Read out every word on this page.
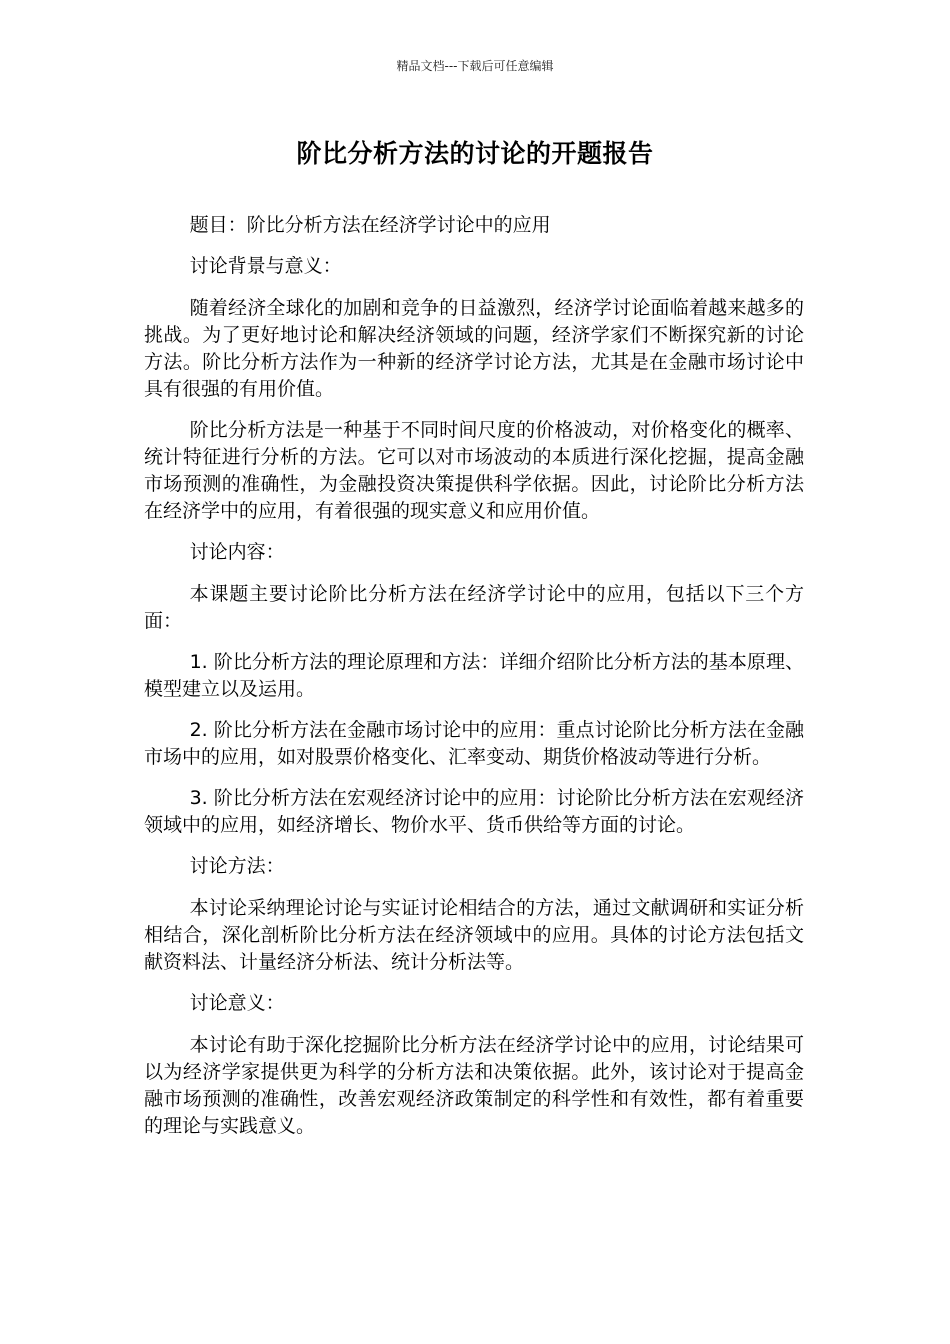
精品文档---下载后可任意编辑
阶比分析方法的讨论的开题报告

题目：阶比分析方法在经济学讨论中的应用

讨论背景与意义：

随着经济全球化的加剧和竞争的日益激烈，经济学讨论面临着越来越多的挑战。为了更好地讨论和解决经济领域的问题，经济学家们不断探究新的讨论方法。阶比分析方法作为一种新的经济学讨论方法，尤其是在金融市场讨论中具有很强的有用价值。

阶比分析方法是一种基于不同时间尺度的价格波动，对价格变化的概率、统计特征进行分析的方法。它可以对市场波动的本质进行深化挖掘，提高金融市场预测的准确性，为金融投资决策提供科学依据。因此，讨论阶比分析方法在经济学中的应用，有着很强的现实意义和应用价值。

讨论内容：

本课题主要讨论阶比分析方法在经济学讨论中的应用，包括以下三个方面：

1. 阶比分析方法的理论原理和方法：详细介绍阶比分析方法的基本原理、模型建立以及运用。

2. 阶比分析方法在金融市场讨论中的应用：重点讨论阶比分析方法在金融市场中的应用，如对股票价格变化、汇率变动、期货价格波动等进行分析。

3. 阶比分析方法在宏观经济讨论中的应用：讨论阶比分析方法在宏观经济领域中的应用，如经济增长、物价水平、货币供给等方面的讨论。

讨论方法：

本讨论采纳理论讨论与实证讨论相结合的方法，通过文献调研和实证分析相结合，深化剖析阶比分析方法在经济领域中的应用。具体的讨论方法包括文献资料法、计量经济分析法、统计分析法等。

讨论意义：

本讨论有助于深化挖掘阶比分析方法在经济学讨论中的应用，讨论结果可以为经济学家提供更为科学的分析方法和决策依据。此外，该讨论对于提高金融市场预测的准确性，改善宏观经济政策制定的科学性和有效性，都有着重要的理论与实践意义。
